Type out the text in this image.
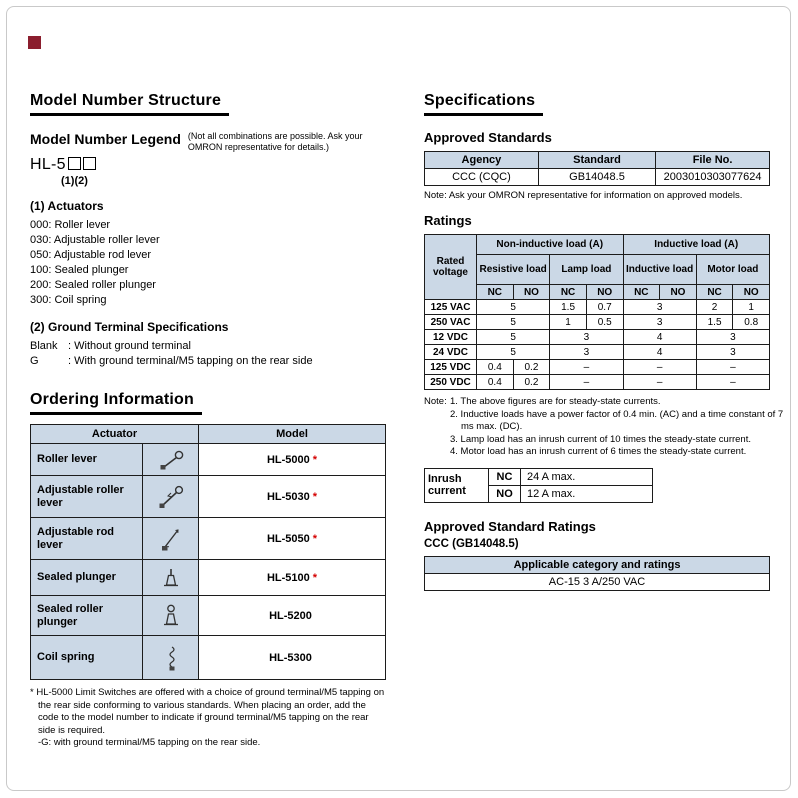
Model Number Structure
Model Number Legend (Not all combinations are possible. Ask your OMRON representative for details.)
HL-5
(1)(2)
(1) Actuators
000: Roller lever
030: Adjustable roller lever
050: Adjustable rod lever
100: Sealed plunger
200: Sealed roller plunger
300: Coil spring
(2) Ground Terminal Specifications
Blank : Without ground terminal
G	: With ground terminal/M5 tapping on the rear side
Ordering Information
Actuator		Model
Roller lever		HL-5000 *
Adjustable roller lever		HL-5030 *
Adjustable rod lever		HL-5050 *
Sealed plunger		HL-5100 *
Sealed roller plunger		HL-5200
Coil spring		HL-5300
* HL-5000 Limit Switches are offered with a choice of ground terminal/M5 tapping on the rear side conforming to various standards. When placing an order, add the code to the model number to indicate if ground terminal/M5 tapping on the rear side is required.
-G: with ground terminal/M5 tapping on the rear side.
Specifications
Approved Standards
Agency	Standard	File No.
CCC (CQC)	GB14048.5	2003010303077624
Note: Ask your OMRON representative for information on approved models.
Ratings
Rated voltage	Non-inductive load (A)				Inductive load (A)			
	Resistive load		Lamp load		Inductive load		Motor load	
	NC	NO	NC	NO	NC	NO	NC	NO
125 VAC	5		1.5	0.7	3		2	1
250 VAC	5		1	0.5	3		1.5	0.8
12 VDC	5		3		4		3	
24 VDC	5		3		4		3	
125 VDC	0.4	0.2	–		–		–	
250 VDC	0.4	0.2	–		–		–	
Note: 1. The above figures are for steady-state currents.
2. Inductive loads have a power factor of 0.4 min. (AC) and a time constant of 7 ms max. (DC).
3. Lamp load has an inrush current of 10 times the steady-state current.
4. Motor load has an inrush current of 6 times the steady-state current.
Inrush current	NC	24 A max.
	NO	12 A max.
Approved Standard Ratings
CCC (GB14048.5)
Applicable category and ratings
AC-15 3 A/250 VAC
